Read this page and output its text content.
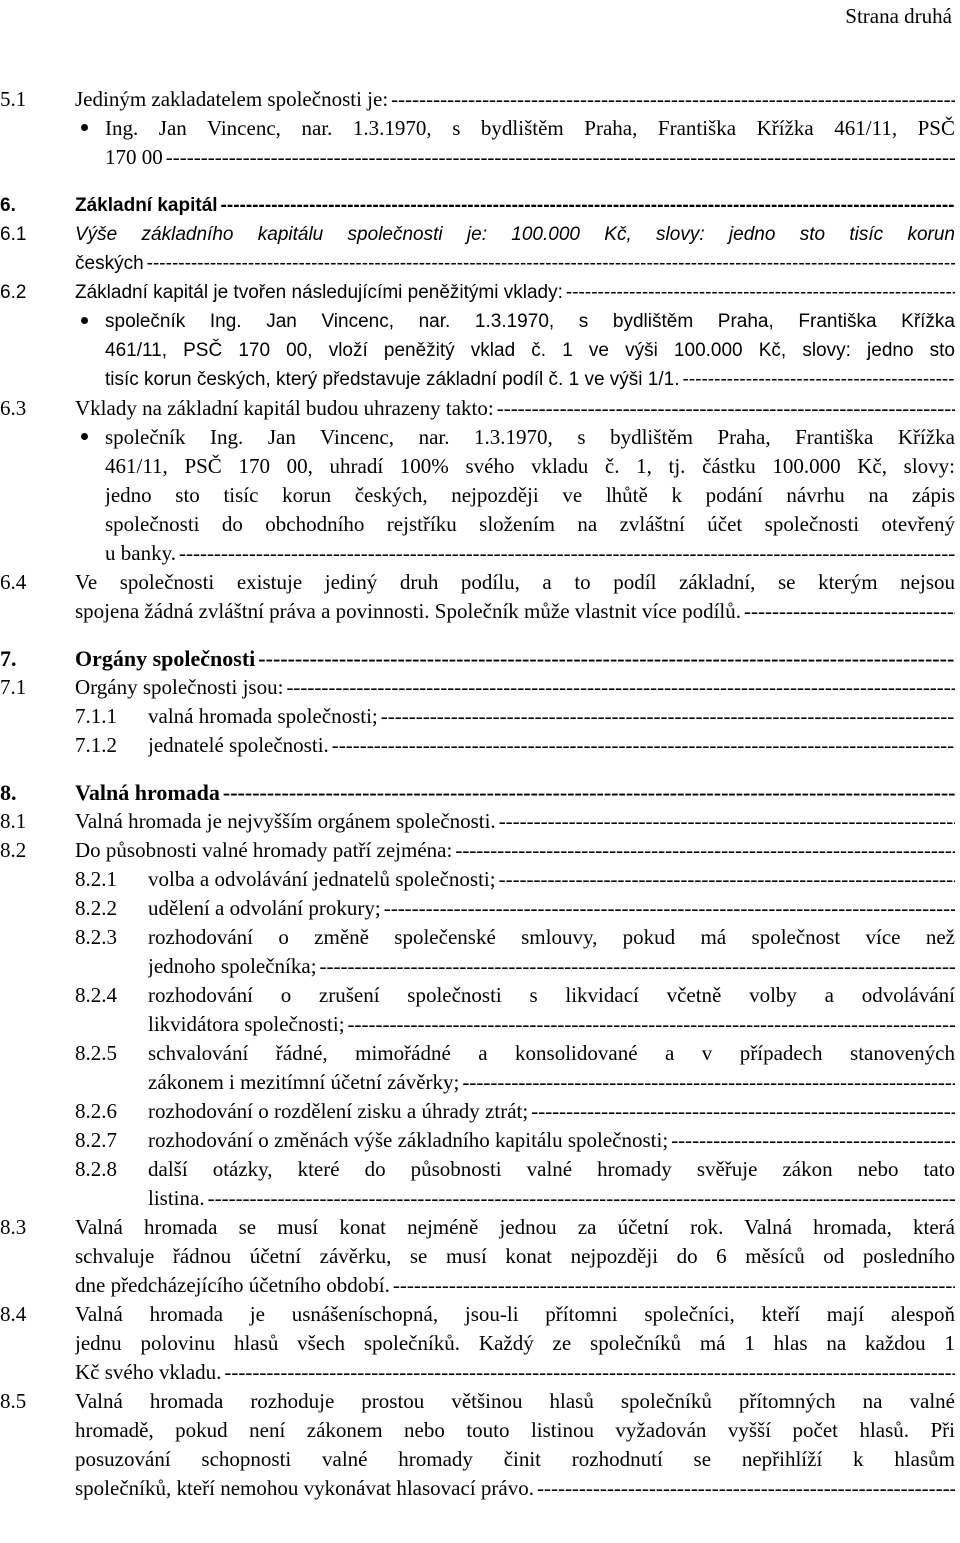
Strana druhá
5.1 Jediným zakladatelem společnosti je:
-----
Ing. Jan Vincenc, nar. 1.3.1970, s bydlištěm Praha, Františka Křížka 461/11, PSČ
170 00
-----
6.	Základní kapitál
-----
6.1	Výše základního kapitálu společnosti je: 100.000 Kč, slovy: jedno sto tisíc korun
českých
-----
6.2	Základní kapitál je tvořen následujícími peněžitými vklady:
-----
společník Ing. Jan Vincenc, nar. 1.3.1970, s bydlištěm Praha, Františka Křížka
461/11, PSČ 170 00, vloží peněžitý vklad č. 1 ve výši 100.000 Kč, slovy: jedno sto
tisíc korun českých, který představuje základní podíl č. 1 ve výši 1/1.
-----
6.3 Vklady na základní kapitál budou uhrazeny takto:
-----
společník Ing. Jan Vincenc, nar. 1.3.1970, s bydlištěm Praha, Františka Křížka
461/11, PSČ 170 00, uhradí 100% svého vkladu č. 1, tj. částku 100.000 Kč, slovy:
jedno sto tisíc korun českých, nejpozději ve lhůtě k podání návrhu na zápis
společnosti do obchodního rejstříku složením na zvláštní účet společnosti otevřený
u banky.
-----
6.4 Ve společnosti existuje jediný druh podílu, a to podíl základní, se kterým nejsou
spojena žádná zvláštní práva a povinnosti. Společník může vlastnit více podílů.
-----
7.	Orgány společnosti
-----
7.1 Orgány společnosti jsou:
-----
7.1.1 valná hromada společnosti;
-----
7.1.2 jednatelé společnosti.
-----
8.	Valná hromada
-----
8.1 Valná hromada je nejvyšším orgánem společnosti.
-----
8.2 Do působnosti valné hromady patří zejména:
-----
8.2.1 volba a odvolávání jednatelů společnosti;
-----
8.2.2 udělení a odvolání prokury;
-----
8.2.3 rozhodování o změně společenské smlouvy, pokud má společnost více než
jednoho společníka;
-----
8.2.4 rozhodování o zrušení společnosti s likvidací včetně volby a odvolávání
likvidátora společnosti;
-----
8.2.5 schvalování řádné, mimořádné a konsolidované a v případech stanovených
zákonem i mezitímní účetní závěrky;
-----
8.2.6 rozhodování o rozdělení zisku a úhrady ztrát;
-----
8.2.7 rozhodování o změnách výše základního kapitálu společnosti;
-----
8.2.8 další otázky, které do působnosti valné hromady svěřuje zákon nebo tato
listina.
-----
8.3 Valná hromada se musí konat nejméně jednou za účetní rok. Valná hromada, která
schvaluje řádnou účetní závěrku, se musí konat nejpozději do 6 měsíců od posledního
dne předcházejícího účetního období.
-----
8.4 Valná hromada je usnášeníschopná, jsou-li přítomni společníci, kteří mají alespoň
jednu polovinu hlasů všech společníků. Každý ze společníků má 1 hlas na každou 1
Kč svého vkladu.
-----
8.5 Valná hromada rozhoduje prostou většinou hlasů společníků přítomných na valné
hromadě, pokud není zákonem nebo touto listinou vyžadován vyšší počet hlasů. Při
posuzování schopnosti valné hromady činit rozhodnutí se nepřihlíží k hlasům
společníků, kteří nemohou vykonávat hlasovací právo.
-----
